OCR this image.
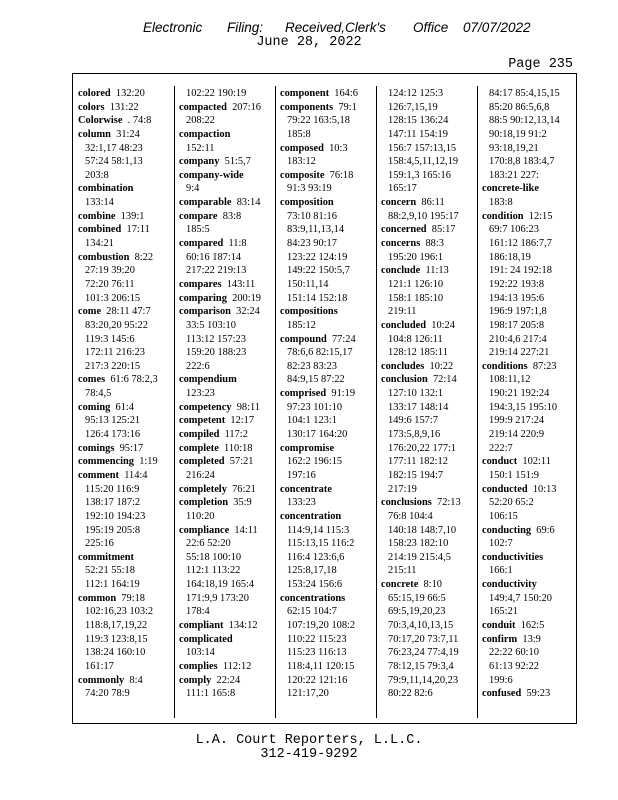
Electronic Filing: Received,Clerk's Office 07/07/2022
June 28, 2022
Page 235
colored 132:20
colors 131:22
Colorwise . 74:8
column 31:24
32:1,17 48:23
57:24 58:1,13
203:8
combination
133:14
combine 139:1
combined 17:11
134:21
combustion 8:22
27:19 39:20
72:20 76:11
101:3 206:15
come 28:11 47:7
83:20,20 95:22
119:3 145:6
172:11 216:23
217:3 220:15
comes 61:6 78:2,3
78:4,5
coming 61:4
95:13 125:21
126:4 173:16
comings 95:17
commencing 1:19
comment 114:4
115:20 116:9
138:17 187:2
192:10 194:23
195:19 205:8
225:16
commitment
52:21 55:18
112:1 164:19
common 79:18
102:16,23 103:2
118:8,17,19,22
119:3 123:8,15
138:24 160:10
161:17
commonly 8:4
74:20 78:9
102:22 190:19
compacted 207:16
208:22
compaction
152:11
company 51:5,7
company-wide
9:4
comparable 83:14
compare 83:8
185:5
compared 11:8
60:16 187:14
217:22 219:13
compares 143:11
comparing 200:19
comparison 32:24
33:5 103:10
113:12 157:23
159:20 188:23
222:6
compendium
123:23
competency 98:11
competent 12:17
compiled 117:2
complete 110:18
completed 57:21
216:24
completely 76:21
completion 35:9
110:20
compliance 14:11
22:6 52:20
55:18 100:10
112:1 113:22
164:18,19 165:4
171:9,9 173:20
178:4
compliant 134:12
complicated
103:14
complies 112:12
comply 22:24
111:1 165:8
component 164:6
components 79:1
79:22 163:5,18
185:8
composed 10:3
183:12
composite 76:18
91:3 93:19
composition
73:10 81:16
83:9,11,13,14
84:23 90:17
123:22 124:19
149:22 150:5,7
150:11,14
151:14 152:18
compositions
185:12
compound 77:24
78:6,6 82:15,17
82:23 83:23
84:9,15 87:22
comprised 91:19
97:23 101:10
104:1 123:1
130:17 164:20
compromise
162:2 196:15
197:16
concentrate
133:23
concentration
114:9,14 115:3
115:13,15 116:2
116:4 123:6,6
125:8,17,18
153:24 156:6
concentrations
62:15 104:7
107:19,20 108:2
110:22 115:23
115:23 116:13
118:4,11 120:15
120:22 121:16
121:17,20
124:12 125:3
126:7,15,19
128:15 136:24
147:11 154:19
156:7 157:13,15
158:4,5,11,12,19
159:1,3 165:16
165:17
concern 86:11
88:2,9,10 195:17
concerned 85:17
concerns 88:3
195:20 196:1
conclude 11:13
121:1 126:10
158:1 185:10
219:11
concluded 10:24
104:8 126:11
128:12 185:11
concludes 10:22
conclusion 72:14
127:10 132:1
133:17 148:14
149:6 157:7
173:5,8,9,16
176:20,22 177:1
177:11 182:12
182:15 194:7
217:19
conclusions 72:13
76:8 104:4
140:18 148:7,10
158:23 182:10
214:19 215:4,5
215:11
concrete 8:10
65:15,19 66:5
69:5,19,20,23
70:3,4,10,13,15
70:17,20 73:7,11
76:23,24 77:4,19
78:12,15 79:3,4
79:9,11,14,20,23
80:22 82:6
84:17 85:4,15,15
85:20 86:5,6,8
88:5 90:12,13,14
90:18,19 91:2
93:18,19,21
170:8,8 183:4,7
183:21 227:
concrete-like
183:8
condition 12:15
69:7 106:23
161:12 186:7,7
186:18,19
191: 24 192:18
192:22 193:8
194:13 195:6
196:9 197:1,8
198:17 205:8
210:4,6 217:4
219:14 227:21
conditions 87:23
108:11,12
190:21 192:24
194:3,15 195:10
199:9 217:24
219:14 220:9
222:7
conduct 102:11
150:1 151:9
conducted 10:13
52:20 65:2
106:15
conducting 69:6
102:7
conductivities
166:1
conductivity
149:4,7 150:20
165:21
conduit 162:5
confirm 13:9
22:22 60:10
61:13 92:22
199:6
confused 59:23
L.A. Court Reporters, L.L.C.
312-419-9292
